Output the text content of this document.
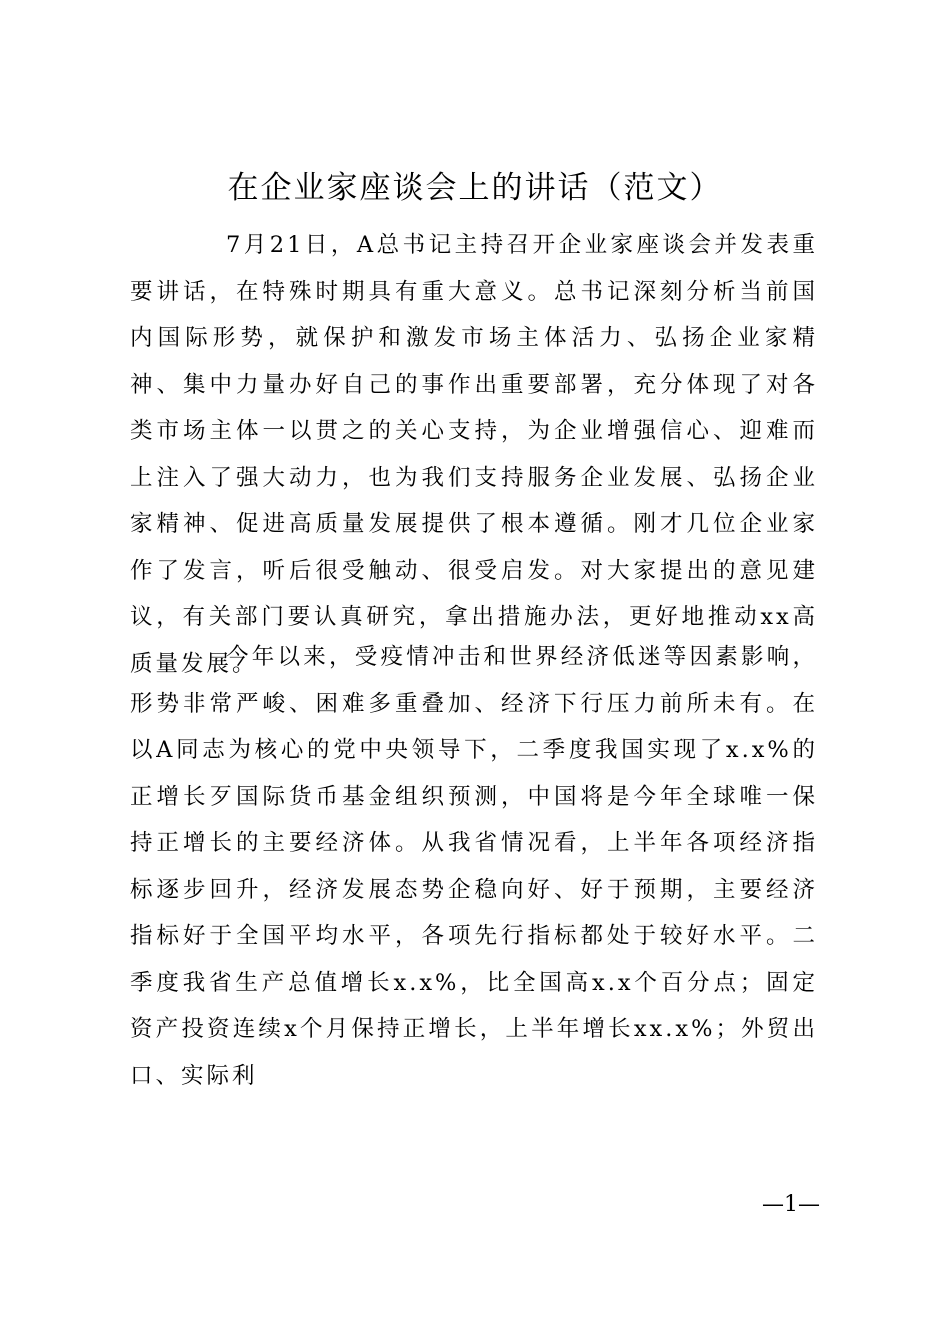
在企业家座谈会上的讲话（范文）

7月21日，A总书记主持召开企业家座谈会并发表重要讲话，在特殊时期具有重大意义。总书记深刻分析当前国内国际形势，就保护和激发市场主体活力、弘扬企业家精神、集中力量办好自己的事作出重要部署，充分体现了对各类市场主体一以贯之的关心支持，为企业增强信心、迎难而上注入了强大动力，也为我们支持服务企业发展、弘扬企业家精神、促进高质量发展提供了根本遵循。刚才几位企业家作了发言，听后很受触动、很受启发。对大家提出的意见建议，有关部门要认真研究，拿出措施办法，更好地推动xx高质量发展。

今年以来，受疫情冲击和世界经济低迷等因素影响，形势非常严峻、困难多重叠加、经济下行压力前所未有。在以A同志为核心的党中央领导下，二季度我国实现了x.x%的正增长歹国际货币基金组织预测，中国将是今年全球唯一保持正增长的主要经济体。从我省情况看，上半年各项经济指标逐步回升，经济发展态势企稳向好、好于预期，主要经济指标好于全国平均水平，各项先行指标都处于较好水平。二季度我省生产总值增长x.x%，比全国高x.x个百分点；固定资产投资连续x个月保持正增长，上半年增长xx.x%；外贸出口、实际利

—1—
